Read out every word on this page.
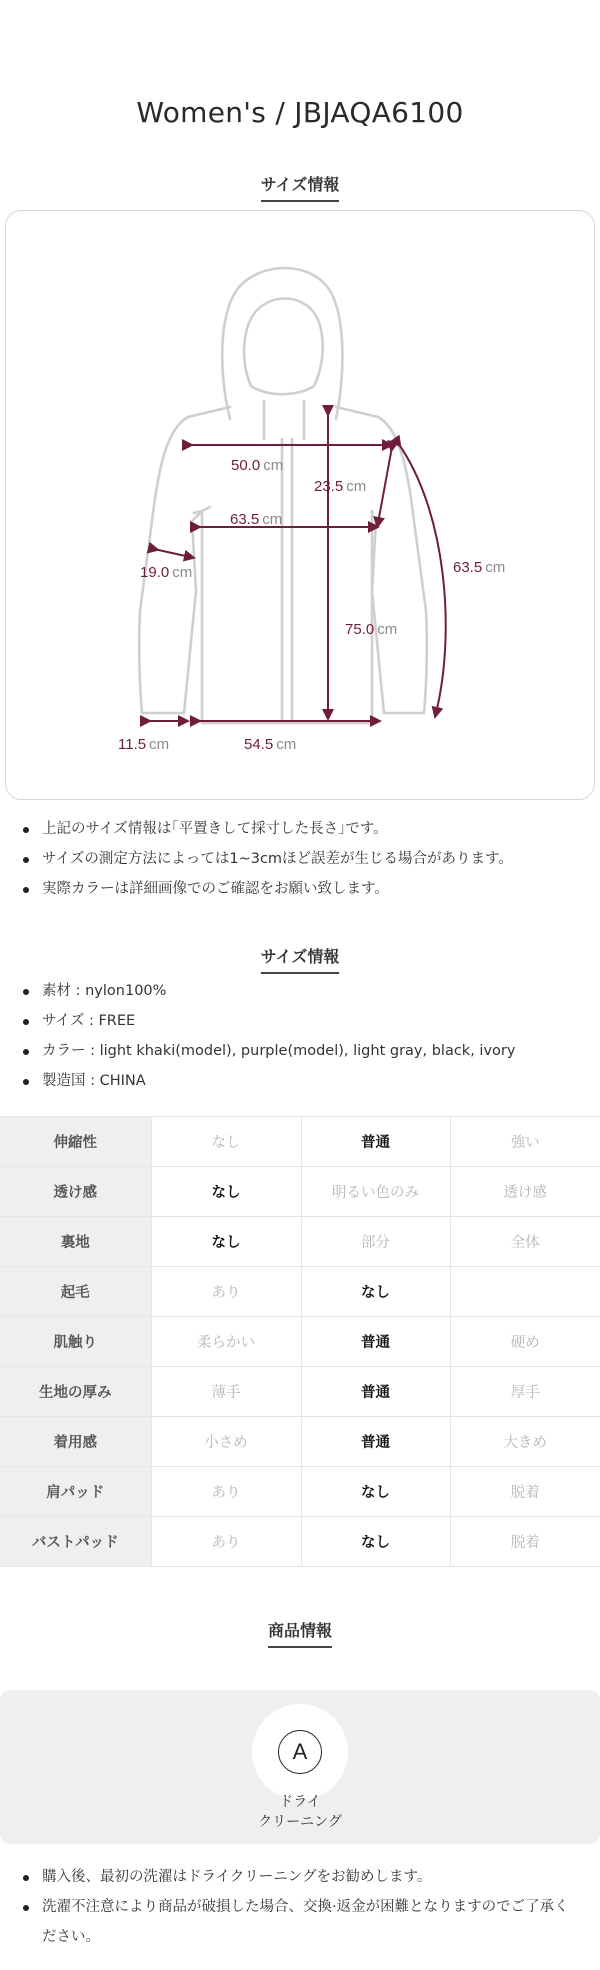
Women's / JBJAQA6100
サイズ情報
50.0 cm
63.5 cm
19.0 cm
23.5 cm
63.5 cm
75.0 cm
11.5 cm	54.5 cm
上記のサイズ情報は｢平置きして採寸した長さ｣です。
サイズの測定方法によっては1~3cmほど誤差が生じる場合があります。
実際カラーは詳細画像でのご確認をお願い致します。
サイズ情報
素材 : nylon100%
サイズ : FREE
カラー : light khaki(model), purple(model), light gray, black, ivory
製造国 : CHINA
伸縮性	なし	普通	強い
透け感	なし	明るい色のみ	透け感
裏地	なし	部分	全体
起毛	あり	なし	
肌触り	柔らかい	普通	硬め
生地の厚み	薄手	普通	厚手
着用感	小さめ	普通	大きめ
肩パッド	あり	なし	脱着
バストパッド	あり	なし	脱着
商品情報
A
ドライ
クリーニング
購入後、最初の洗濯はドライクリーニングをお勧めします。
洗濯不注意により商品が破損した場合、交換·返金が困難となりますのでご了承ください。
